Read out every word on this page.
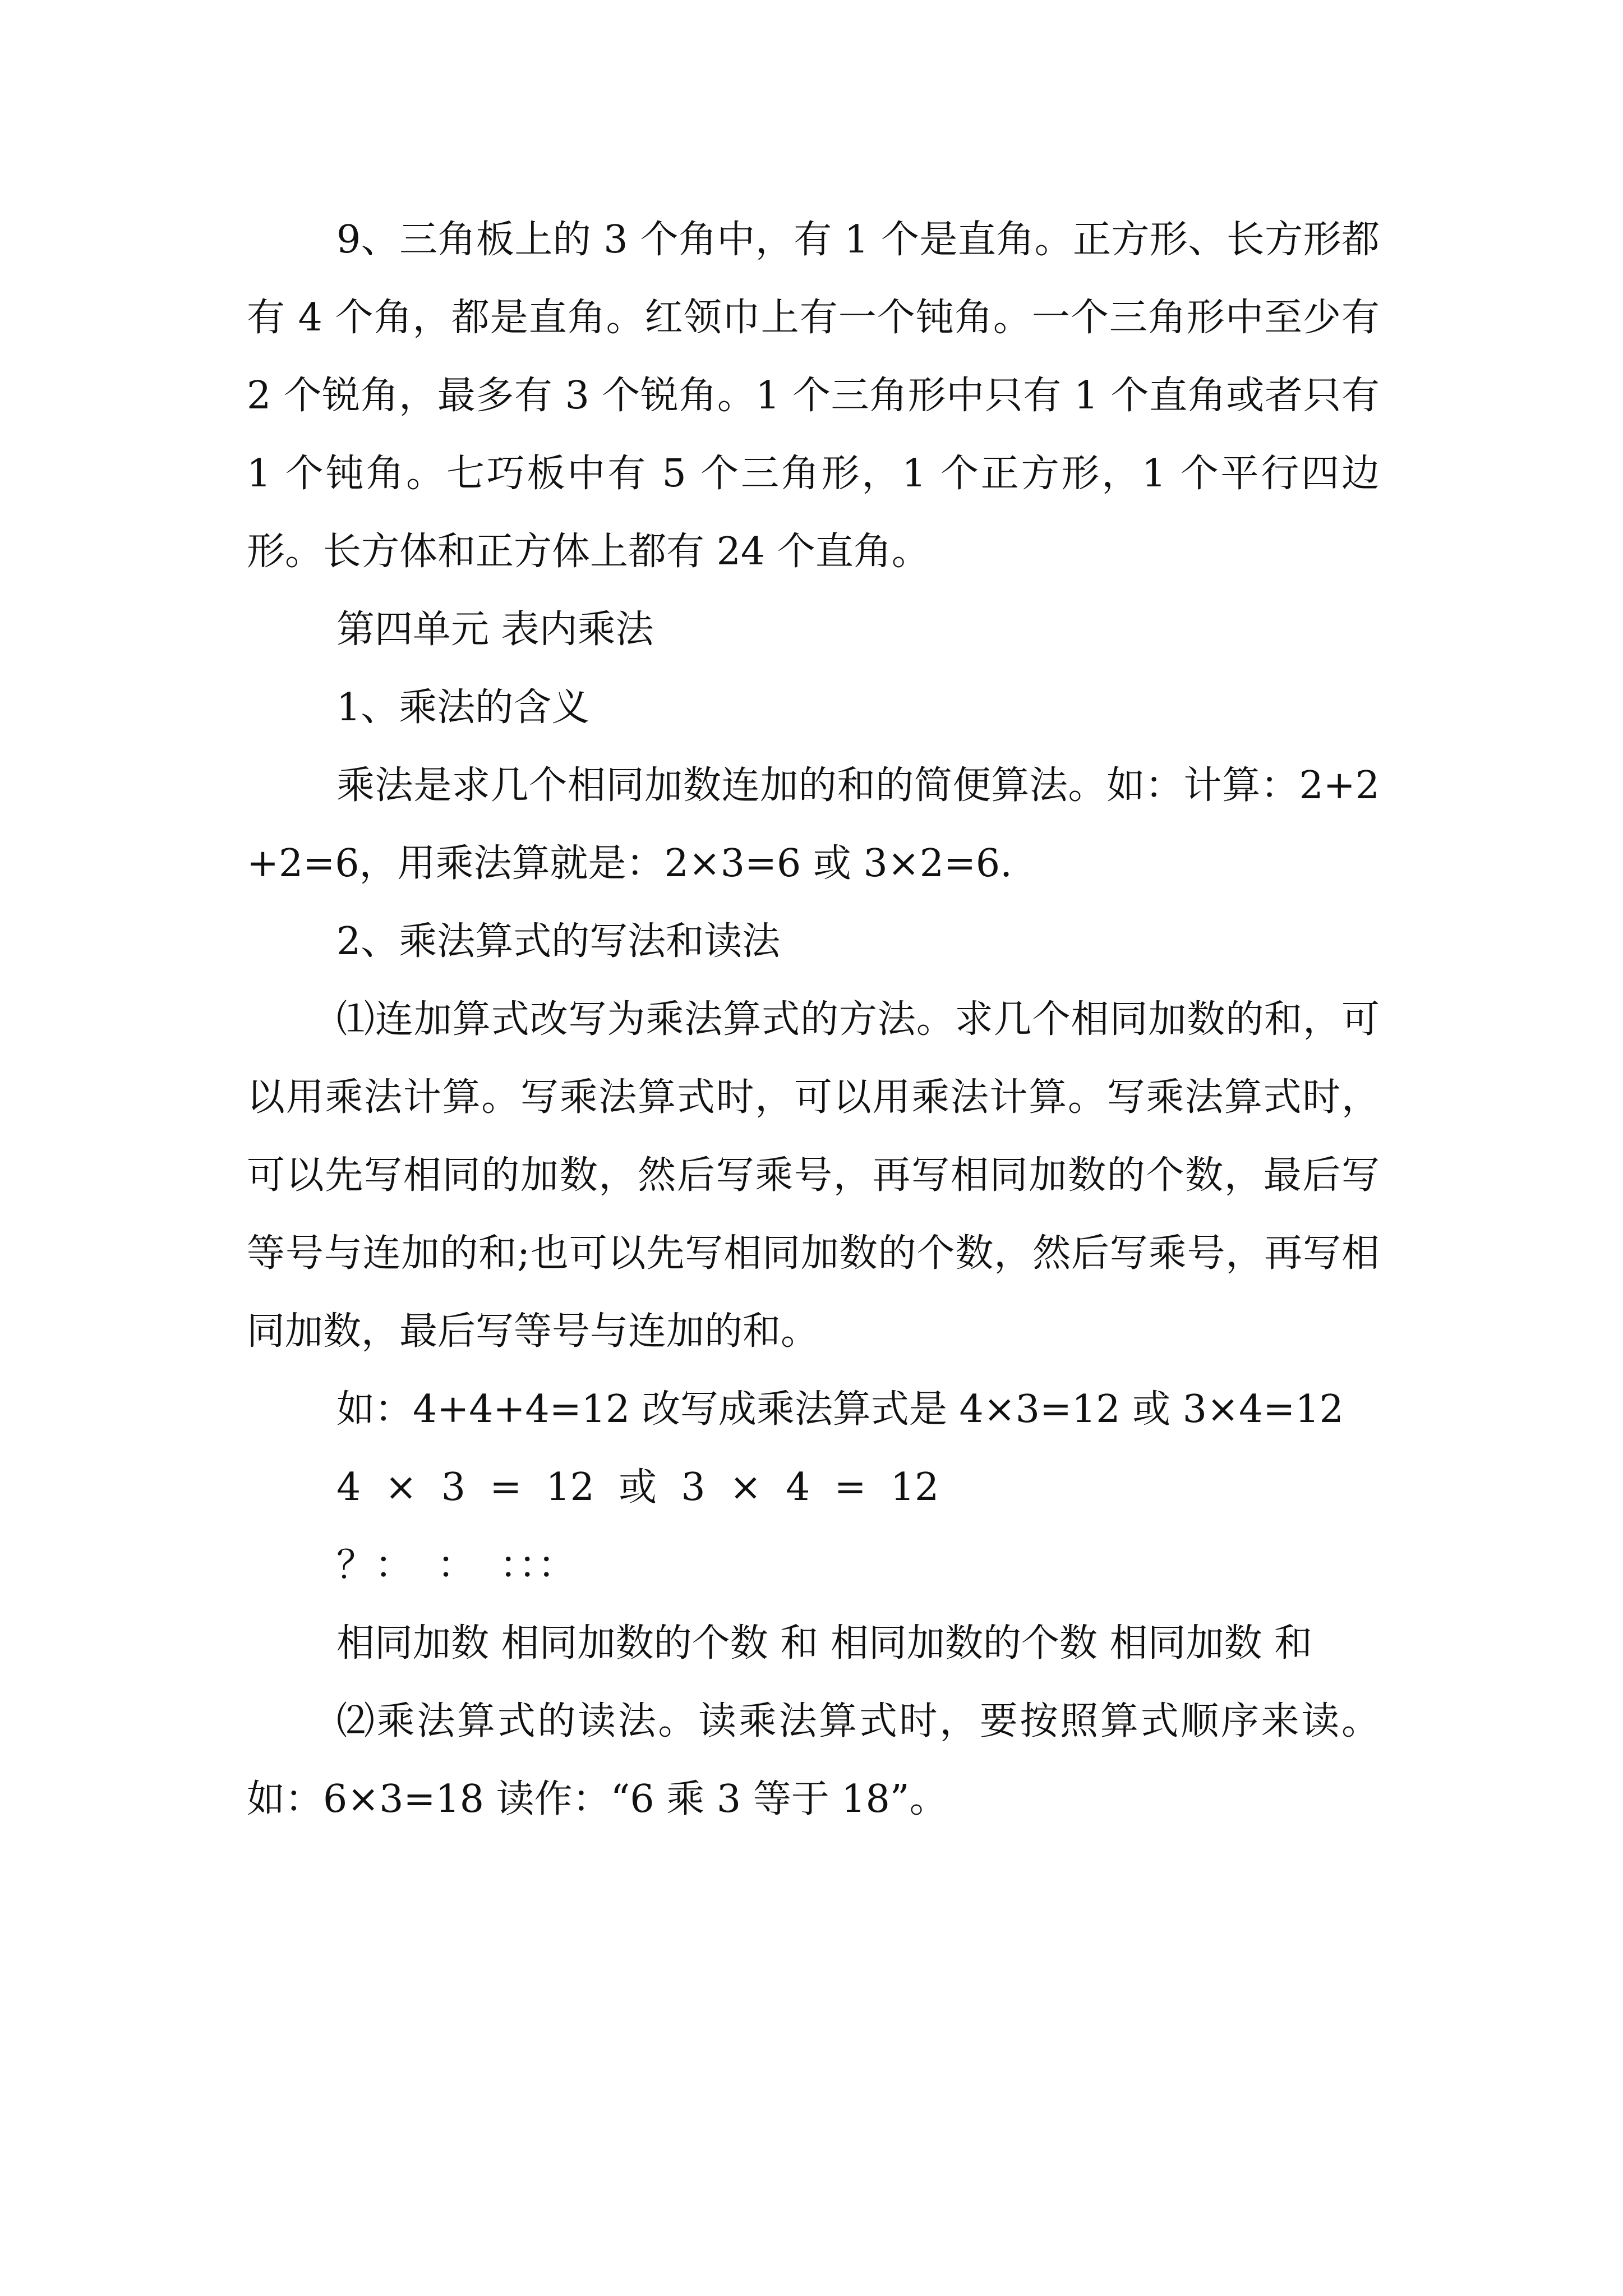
9、三角板上的 3 个角中，有 1 个是直角。正方形、长方形都有 4 个角，都是直角。红领巾上有一个钝角。一个三角形中至少有 2 个锐角，最多有 3 个锐角。1 个三角形中只有 1 个直角或者只有 1 个钝角。七巧板中有 5 个三角形，1 个正方形，1 个平行四边形。长方体和正方体上都有 24 个直角。

第四单元 表内乘法

1、乘法的含义

乘法是求几个相同加数连加的和的简便算法。如：计算：2+2+2=6，用乘法算就是：2×3=6 或 3×2=6.

2、乘法算式的写法和读法

⑴连加算式改写为乘法算式的方法。求几个相同加数的和，可以用乘法计算。写乘法算式时，可以用乘法计算。写乘法算式时，可以先写相同的加数，然后写乘号，再写相同加数的个数，最后写等号与连加的和;也可以先写相同加数的个数，然后写乘号，再写相同加数，最后写等号与连加的和。

如：4+4+4=12 改写成乘法算式是 4×3=12 或 3×4=12

4  ×  3  =  12  或  3  ×  4  =  12

？：  ：  ：：：

相同加数 相同加数的个数 和 相同加数的个数 相同加数 和

⑵乘法算式的读法。读乘法算式时，要按照算式顺序来读。如：6×3=18 读作：“6 乘 3 等于 18”。
